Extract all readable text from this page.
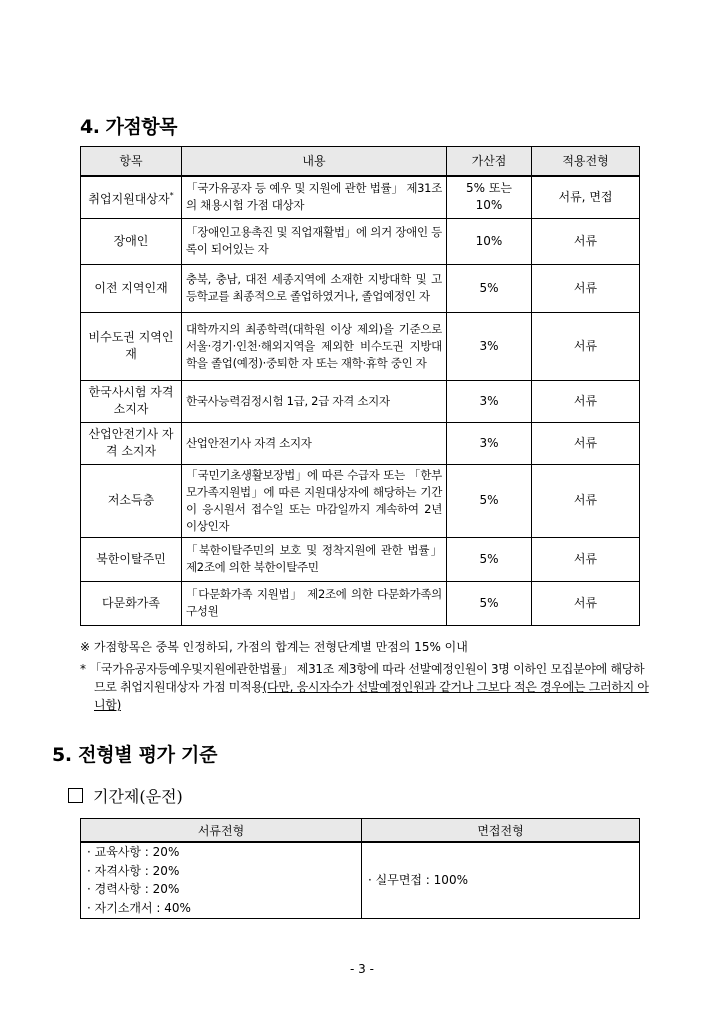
4. 가점항목
항목	내용	가산점	적용전형
취업지원대상자*	「국가유공자 등 예우 및 지원에 관한 법률」 제31조의 채용시험 가점 대상자	5% 또는 10%	서류, 면접
장애인	「장애인고용촉진 및 직업재활법」에 의거 장애인 등록이 되어있는 자	10%	서류
이전 지역인재	충북, 충남, 대전 세종지역에 소재한 지방대학 및 고등학교를 최종적으로 졸업하였거나, 졸업예정인 자	5%	서류
비수도권 지역인재	대학까지의 최종학력(대학원 이상 제외)을 기준으로 서울·경기·인천·해외지역을 제외한 비수도권 지방대학을 졸업(예정)·중퇴한 자 또는 재학·휴학 중인 자	3%	서류
한국사시험 자격 소지자	한국사능력검정시험 1급, 2급 자격 소지자	3%	서류
산업안전기사 자격 소지자	산업안전기사 자격 소지자	3%	서류
저소득층	「국민기초생활보장법」에 따른 수급자 또는 「한부모가족지원법」에 따른 지원대상자에 해당하는 기간이 응시원서 접수일 또는 마감일까지 계속하여 2년 이상인자	5%	서류
북한이탈주민	「북한이탈주민의 보호 및 정착지원에 관한 법률」 제2조에 의한 북한이탈주민	5%	서류
다문화가족	「다문화가족 지원법」 제2조에 의한 다문화가족의 구성원	5%	서류

※ 가점항목은 중복 인정하되, 가점의 합계는 전형단계별 만점의 15% 이내

* 「국가유공자등예우및지원에관한법률」 제31조 제3항에 따라 선발예정인원이 3명 이하인 모집분야에 해당하므로 취업지원대상자 가점 미적용(다만, 응시자수가 선발예정인원과 같거나 그보다 적은 경우에는 그러하지 아니함)

5. 전형별 평가 기준
기간제(운전)
서류전형	면접전형

· 교육사항 : 20%
· 자격사항 : 20%
· 경력사항 : 20%
· 자기소개서 : 40%	· 실무면접 : 100%
- 3 -
